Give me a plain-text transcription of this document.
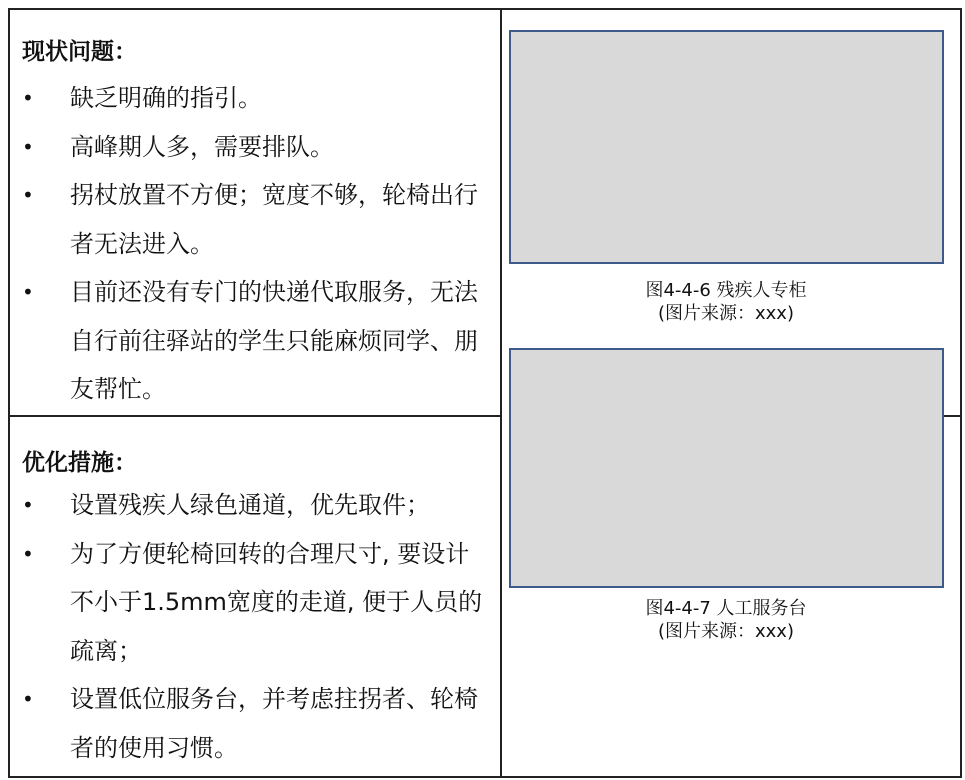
现状问题：
• 缺乏明确的指引。
• 高峰期人多，需要排队。
• 拐杖放置不方便；宽度不够，轮椅出行者无法进入。
• 目前还没有专门的快递代取服务，无法自行前往驿站的学生只能麻烦同学、朋友帮忙。
优化措施：
• 设置残疾人绿色通道，优先取件；
• 为了方便轮椅回转的合理尺寸, 要设计不小于1.5mm宽度的走道, 便于人员的疏离；
• 设置低位服务台，并考虑拄拐者、轮椅者的使用习惯。
图4-4-6 残疾人专柜
(图片来源：xxx)
图4-4-7 人工服务台
(图片来源：xxx)
